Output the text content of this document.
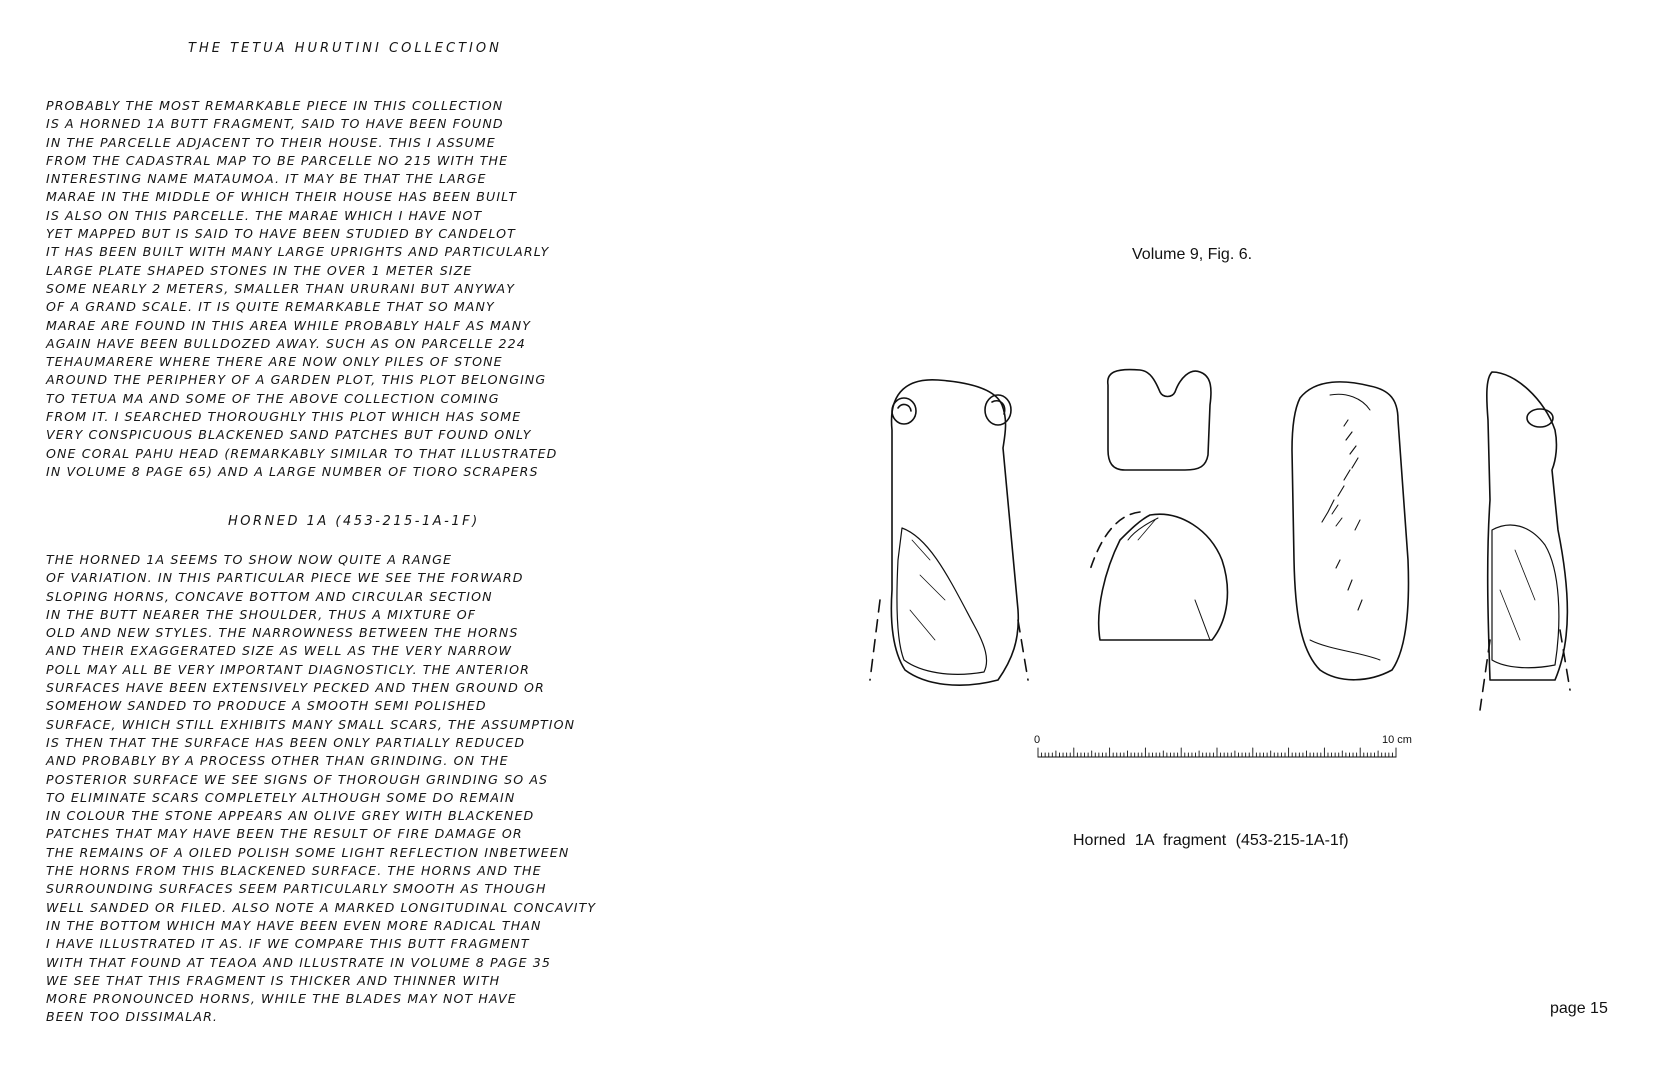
THE TETUA HURUTINI COLLECTION
PROBABLY THE MOST REMARKABLE PIECE IN THIS COLLECTION
IS A HORNED 1A BUTT FRAGMENT, SAID TO HAVE BEEN FOUND
IN THE PARCELLE ADJACENT TO THEIR HOUSE. THIS I ASSUME
FROM THE CADASTRAL MAP TO BE PARCELLE NO 215 WITH THE
INTERESTING NAME MATAUMOA. IT MAY BE THAT THE LARGE
MARAE IN THE MIDDLE OF WHICH THEIR HOUSE HAS BEEN BUILT
IS ALSO ON THIS PARCELLE. THE MARAE WHICH I HAVE NOT
YET MAPPED BUT IS SAID TO HAVE BEEN STUDIED BY CANDELOT
IT HAS BEEN BUILT WITH MANY LARGE UPRIGHTS AND PARTICULARLY
LARGE PLATE SHAPED STONES IN THE OVER 1 METER SIZE
SOME NEARLY 2 METERS, SMALLER THAN URURANI BUT ANYWAY
OF A GRAND SCALE. IT IS QUITE REMARKABLE THAT SO MANY
MARAE ARE FOUND IN THIS AREA WHILE PROBABLY HALF AS MANY
AGAIN HAVE BEEN BULLDOZED AWAY. SUCH AS ON PARCELLE 224
TEHAUMARERE WHERE THERE ARE NOW ONLY PILES OF STONE
AROUND THE PERIPHERY OF A GARDEN PLOT, THIS PLOT BELONGING
TO TETUA MA AND SOME OF THE ABOVE COLLECTION COMING
FROM IT. I SEARCHED THOROUGHLY THIS PLOT WHICH HAS SOME
VERY CONSPICUOUS BLACKENED SAND PATCHES BUT FOUND ONLY
ONE CORAL PAHU HEAD (REMARKABLY SIMILAR TO THAT ILLUSTRATED
IN VOLUME 8 PAGE 65) AND A LARGE NUMBER OF TIORO SCRAPERS
HORNED 1A (453-215-1A-1F)
THE HORNED 1A SEEMS TO SHOW NOW QUITE A RANGE
OF VARIATION. IN THIS PARTICULAR PIECE WE SEE THE FORWARD
SLOPING HORNS, CONCAVE BOTTOM AND CIRCULAR SECTION
IN THE BUTT NEARER THE SHOULDER, THUS A MIXTURE OF
OLD AND NEW STYLES. THE NARROWNESS BETWEEN THE HORNS
AND THEIR EXAGGERATED SIZE AS WELL AS THE VERY NARROW
POLL MAY ALL BE VERY IMPORTANT DIAGNOSTICLY. THE ANTERIOR
SURFACES HAVE BEEN EXTENSIVELY PECKED AND THEN GROUND OR
SOMEHOW SANDED TO PRODUCE A SMOOTH SEMI POLISHED
SURFACE, WHICH STILL EXHIBITS MANY SMALL SCARS, THE ASSUMPTION
IS THEN THAT THE SURFACE HAS BEEN ONLY PARTIALLY REDUCED
AND PROBABLY BY A PROCESS OTHER THAN GRINDING. ON THE
POSTERIOR SURFACE WE SEE SIGNS OF THOROUGH GRINDING SO AS
TO ELIMINATE SCARS COMPLETELY ALTHOUGH SOME DO REMAIN
IN COLOUR THE STONE APPEARS AN OLIVE GREY WITH BLACKENED
PATCHES THAT MAY HAVE BEEN THE RESULT OF FIRE DAMAGE OR
THE REMAINS OF A OILED POLISH SOME LIGHT REFLECTION INBETWEEN
THE HORNS FROM THIS BLACKENED SURFACE. THE HORNS AND THE
SURROUNDING SURFACES SEEM PARTICULARLY SMOOTH AS THOUGH
WELL SANDED OR FILED. ALSO NOTE A MARKED LONGITUDINAL CONCAVITY
IN THE BOTTOM WHICH MAY HAVE BEEN EVEN MORE RADICAL THAN
I HAVE ILLUSTRATED IT AS. IF WE COMPARE THIS BUTT FRAGMENT
WITH THAT FOUND AT TEAOA AND ILLUSTRATE IN VOLUME 8 PAGE 35
WE SEE THAT THIS FRAGMENT IS THICKER AND THINNER WITH
MORE PRONOUNCED HORNS, WHILE THE BLADES MAY NOT HAVE
BEEN TOO DISSIMALAR.
Volume 9, Fig. 6.
0	10 cm
Horned 1A fragment (453-215-1A-1f)
page 15
